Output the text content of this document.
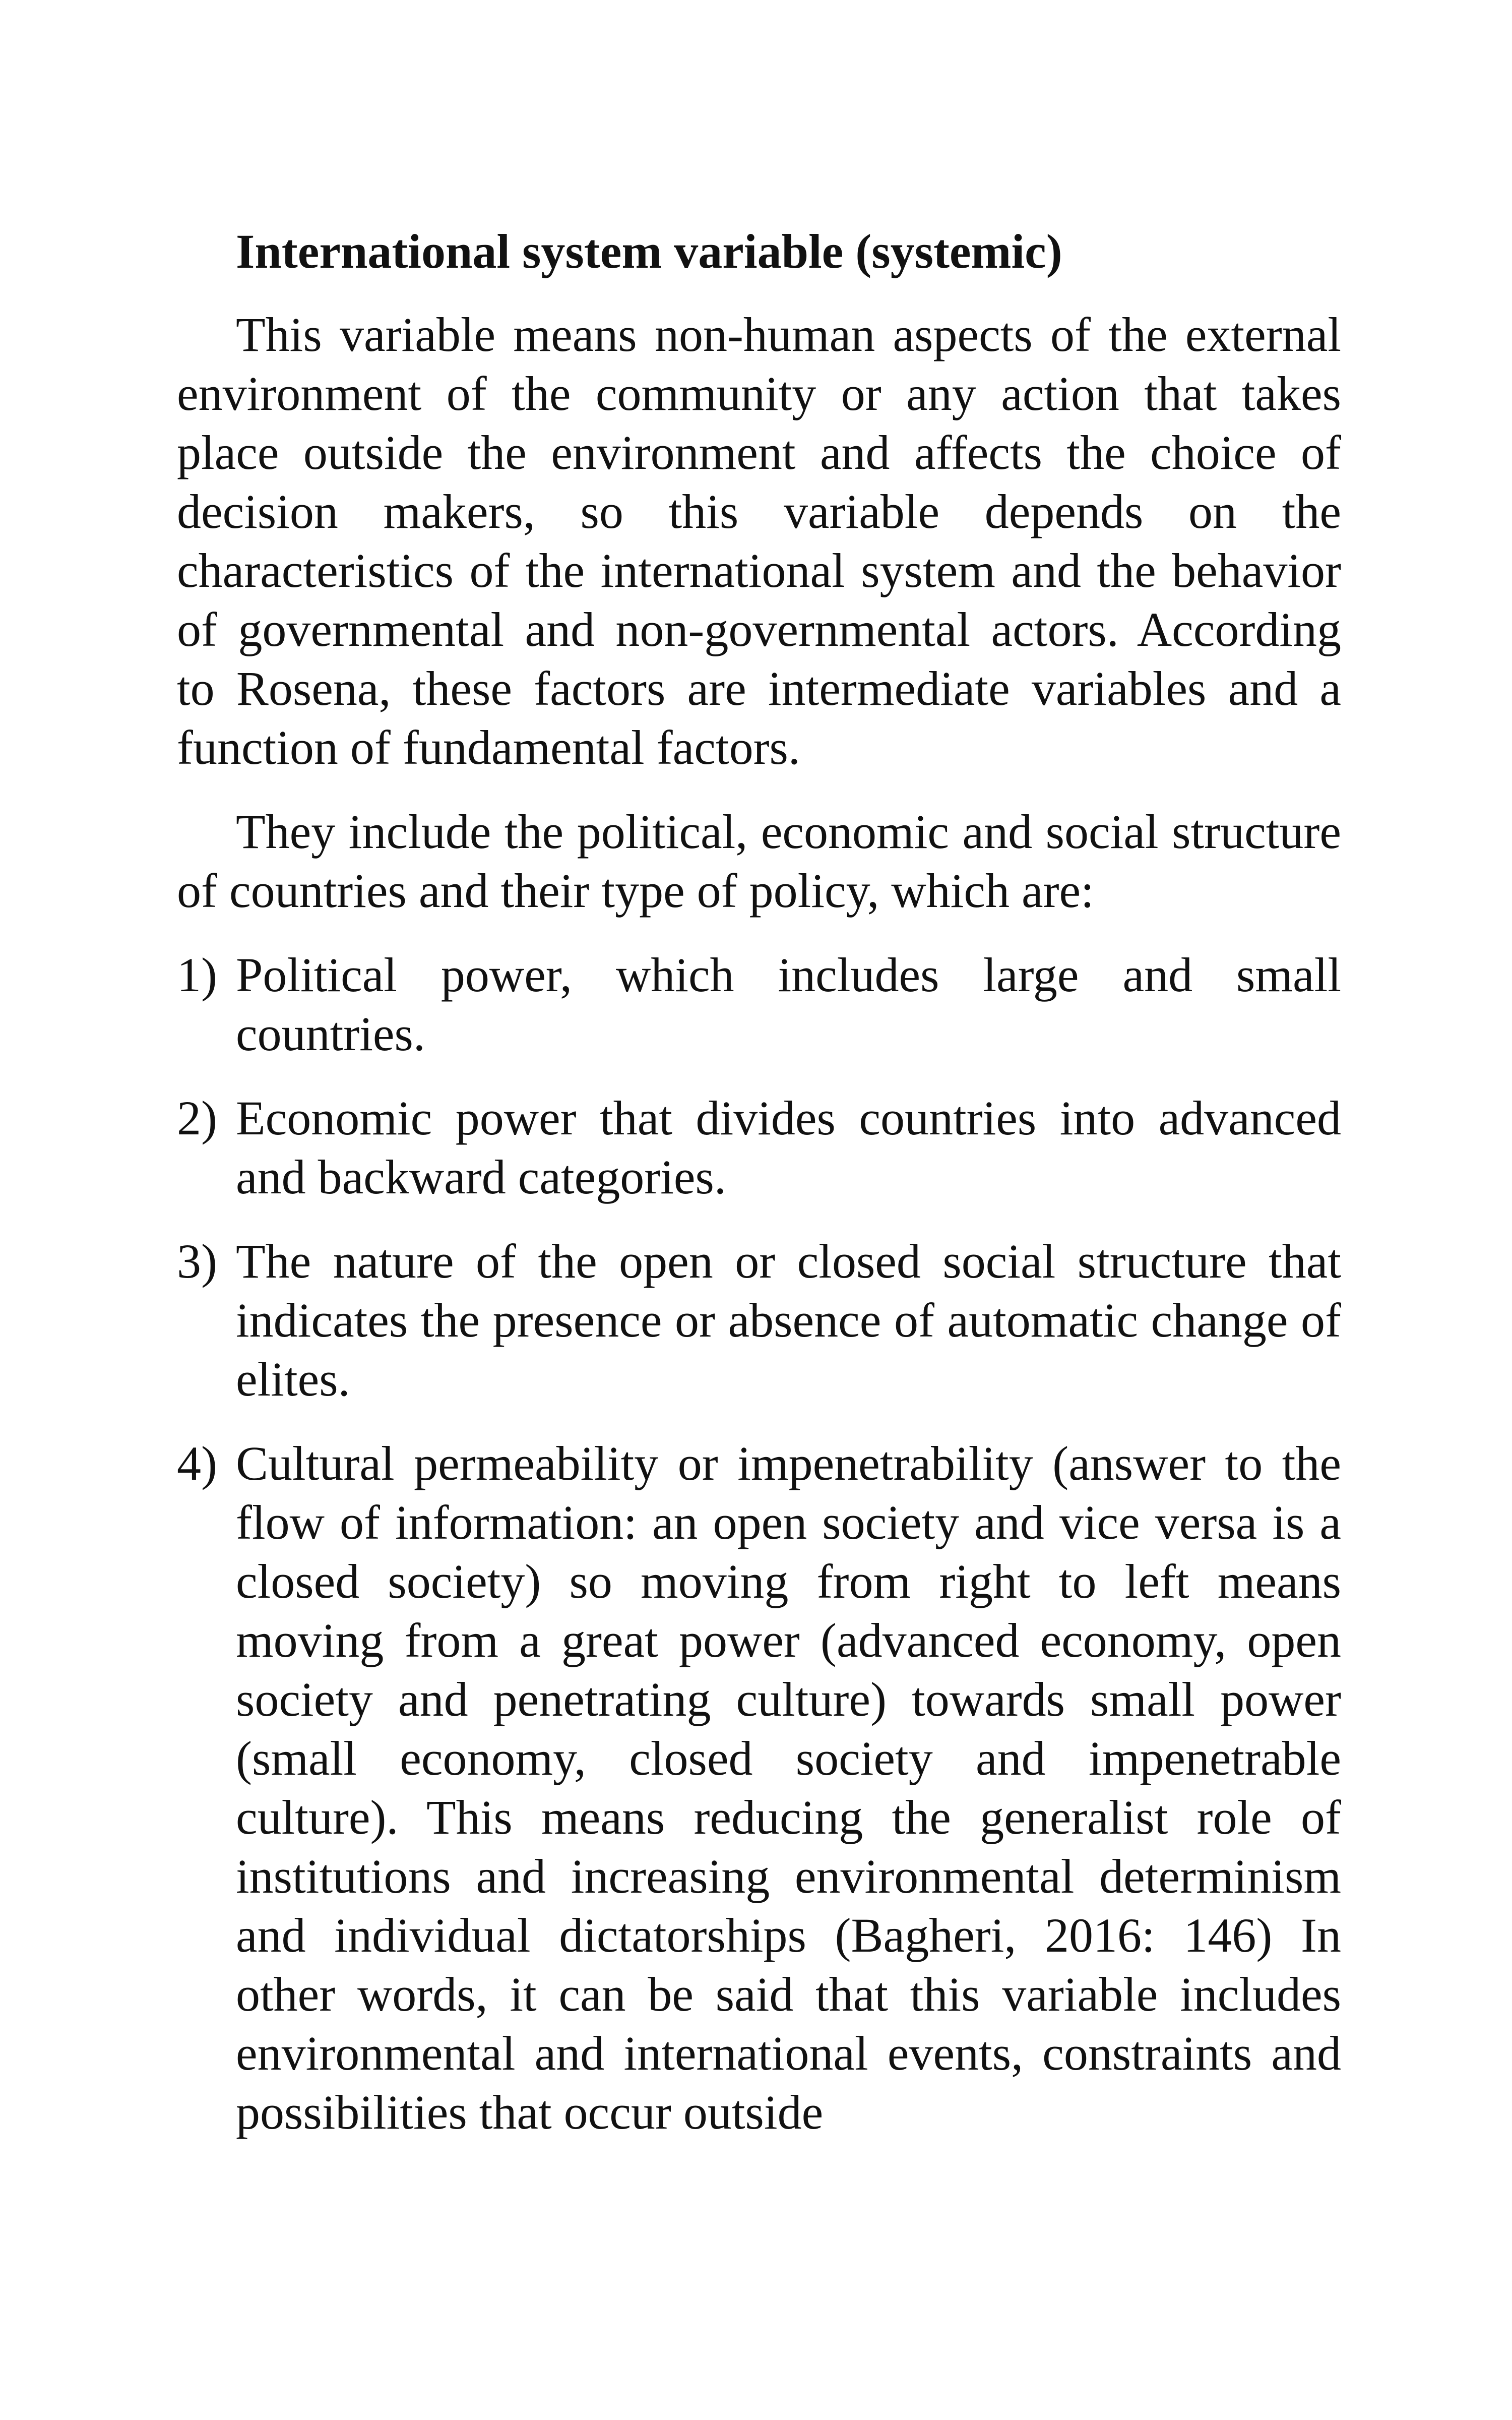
International system variable (systemic)

This variable means non-human aspects of the external environment of the community or any action that takes place outside the environment and affects the choice of decision makers, so this variable depends on the characteristics of the international system and the behavior of governmental and non-governmental actors. According to Rosena, these factors are intermediate variables and a function of fundamental factors.

They include the political, economic and social structure of countries and their type of policy, which are:

1) Political power, which includes large and small countries.
2) Economic power that divides countries into advanced and backward categories.
3) The nature of the open or closed social structure that indicates the presence or absence of automatic change of elites.
4) Cultural permeability or impenetrability (answer to the flow of information: an open society and vice versa is a closed society) so moving from right to left means moving from a great power (advanced economy, open society and penetrating culture) towards small power (small economy, closed society and impenetrable culture). This means reducing the generalist role of institutions and increasing environmental determinism and individual dictatorships (Bagheri, 2016: 146) In other words, it can be said that this variable includes environmental and international events, constraints and possibilities that occur outside
